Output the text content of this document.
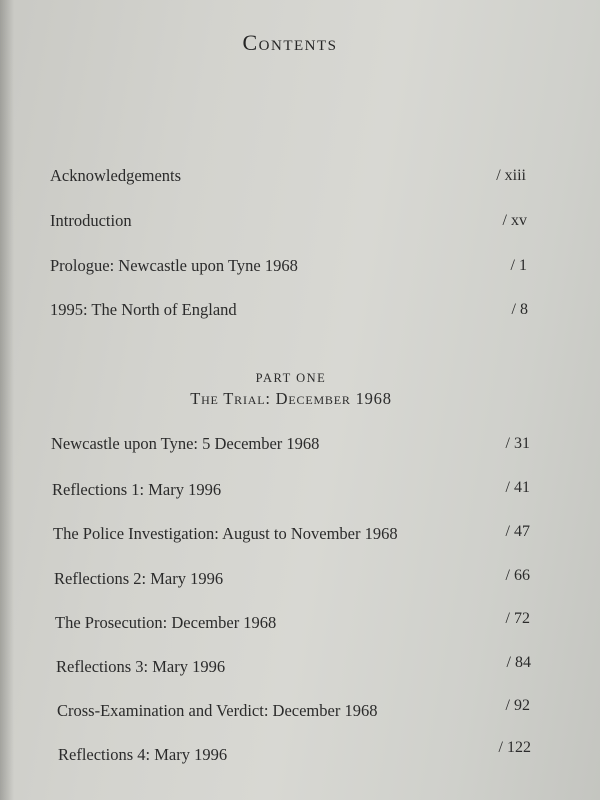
Contents
Acknowledgements	/ xiii
Introduction	/ xv
Prologue: Newcastle upon Tyne 1968	/ 1
1995: The North of England	/ 8
PART ONE
The Trial: December 1968
Newcastle upon Tyne: 5 December 1968	/ 31
Reflections 1: Mary 1996	/ 41
The Police Investigation: August to November 1968	/ 47
Reflections 2: Mary 1996	/ 66
The Prosecution: December 1968	/ 72
Reflections 3: Mary 1996	/ 84
Cross-Examination and Verdict: December 1968	/ 92
Reflections 4: Mary 1996	/ 122
